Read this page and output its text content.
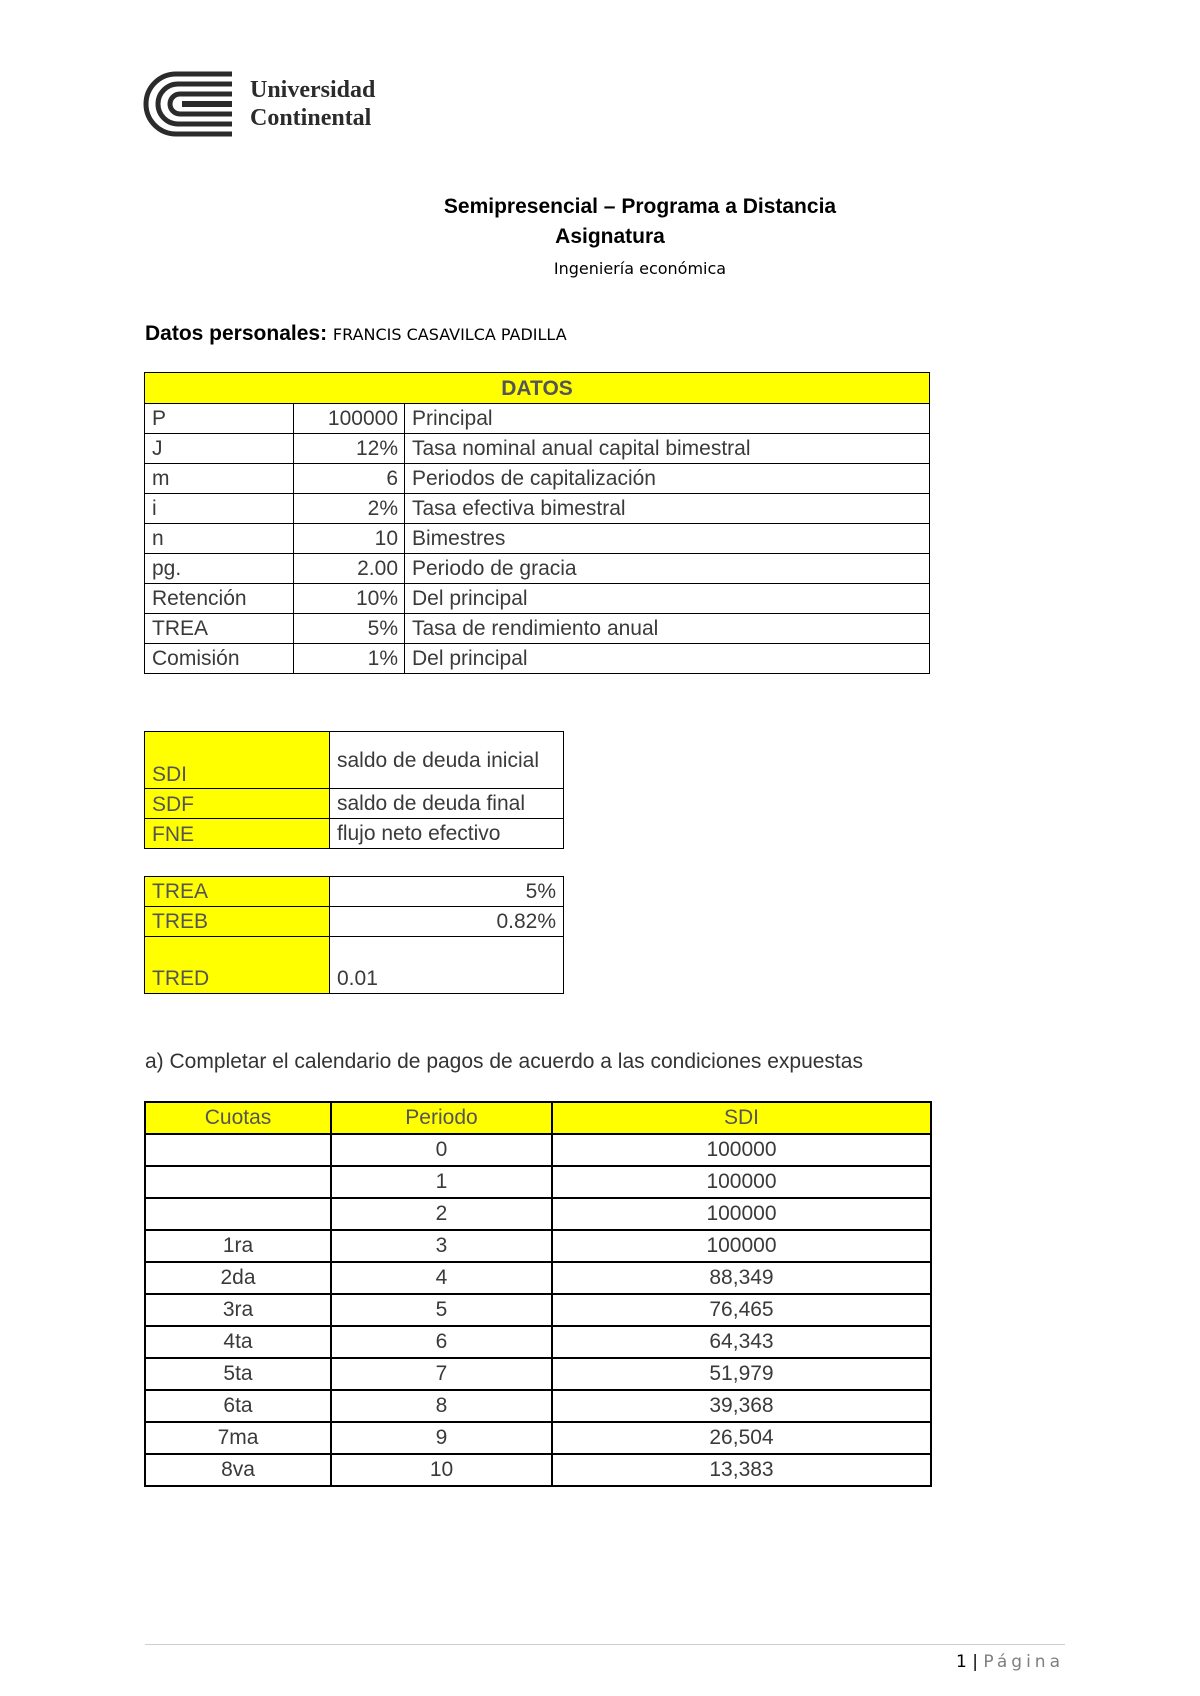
Universidad
Continental
Semipresencial – Programa a Distancia
Asignatura
Ingeniería económica
Datos personales: FRANCIS CASAVILCA PADILLA
DATOS		
P	100000	Principal
J	12%	Tasa nominal anual capital bimestral
m	6	Periodos de capitalización
i	2%	Tasa efectiva bimestral
n	10	Bimestres
pg.	2.00	Periodo de gracia
Retención	10%	Del principal
TREA	5%	Tasa de rendimiento anual
Comisión	1%	Del principal
SDI	saldo de deuda inicial
SDF	saldo de deuda final
FNE	flujo neto efectivo
TREA	5%
TREB	0.82%
TRED	0.01
a) Completar el calendario de pagos de acuerdo a las condiciones expuestas
Cuotas	Periodo	SDI
	0	100000
	1	100000
	2	100000
1ra	3	100000
2da	4	88,349
3ra	5	76,465
4ta	6	64,343
5ta	7	51,979
6ta	8	39,368
7ma	9	26,504
8va	10	13,383
1 | Página
